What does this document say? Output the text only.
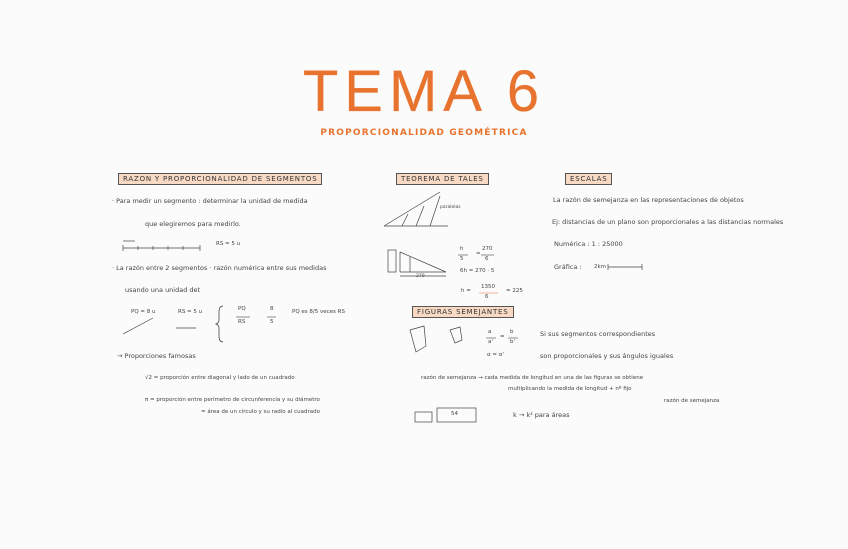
TEMA 6
PROPORCIONALIDAD GEOMÉTRICA
RAZON Y PROPORCIONALIDAD DE SEGMENTOS
· Para medir un segmento : determinar la unidad de medida
que elegiremos para medirlo.
RS = 5 u
· La razón entre 2 segmentos · razón numérica entre sus medidas
usando una unidad det
PQ = 8 u	RS = 5 u	PQ
RS
8
5
PQ es 8/5 veces RS
→ Proporciones famosas
√2 = proporción entre diagonal y lado de un cuadrado
π = proporción entre perímetro de circunferencia y su diámetro
= área de un círculo y su radio al cuadrado
TEOREMA DE TALES
paralelas
h
5
=
270
6
6h = 270 · 5
h =
1350
6
= 225
270
FIGURAS SEMEJANTES
a
a'
=
b
b'
α = α'
Si sus segmentos correspondientes
son proporcionales y sus ángulos iguales
razón de semejanza → cada medida de longitud en una de las figuras se obtiene
multiplicando la medida de longitud + nº fijo
razón de semejanza
54	k → k² para áreas
ESCALAS
La razón de semejanza en las representaciones de objetos
Ej: distancias de un plano son proporcionales a las distancias normales
Numérica : 1 : 25000
Gráfica : 2km
